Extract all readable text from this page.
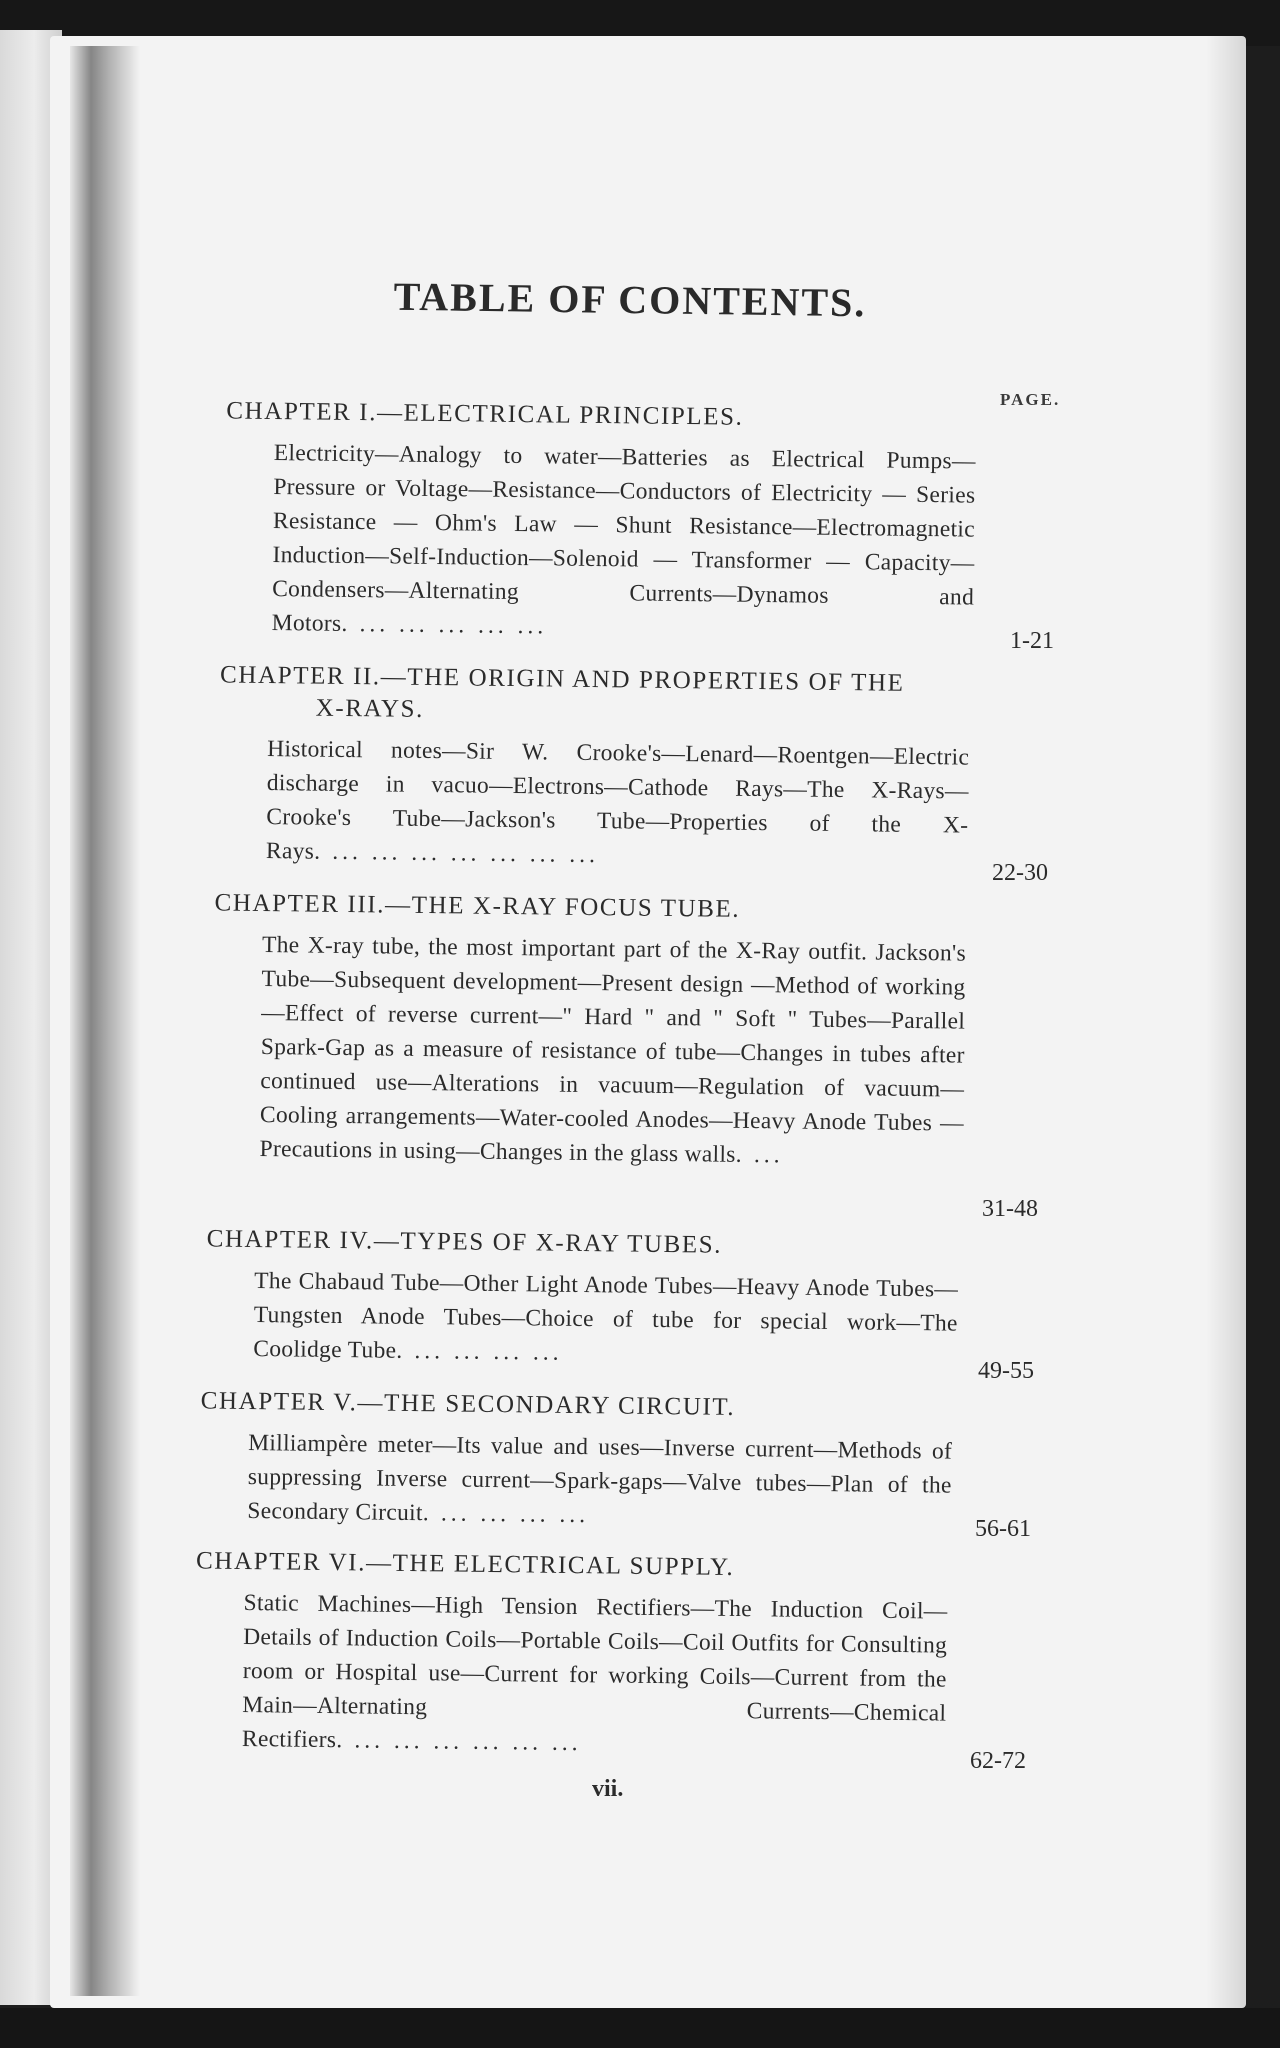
TABLE OF CONTENTS.
PAGE.

CHAPTER I.—ELECTRICAL PRINCIPLES.

Electricity—Analogy to water—Batteries as Electrical Pumps—Pressure or Voltage—Resistance—Conductors of Electricity — Series Resistance — Ohm's Law — Shunt Resistance—Electromagnetic Induction—Self-Induction—Solenoid — Transformer — Capacity—Condensers—Alternating Currents—Dynamos and Motors. ... ... ... ... ...
1-21

CHAPTER II.—THE ORIGIN AND PROPERTIES OF THE
X-RAYS.

Historical notes—Sir W. Crooke's—Lenard—Roentgen—Electric discharge in vacuo—Electrons—Cathode Rays—The X-Rays—Crooke's Tube—Jackson's Tube—Properties of the X-Rays. ... ... ... ... ... ... ...
22-30

CHAPTER III.—THE X-RAY FOCUS TUBE.

The X-ray tube, the most important part of the X-Ray outfit. Jackson's Tube—Subsequent development—Present design —Method of working—Effect of reverse current—" Hard " and " Soft " Tubes—Parallel Spark-Gap as a measure of resistance of tube—Changes in tubes after continued use—Alterations in vacuum—Regulation of vacuum—Cooling arrangements—Water-cooled Anodes—Heavy Anode Tubes —Precautions in using—Changes in the glass walls. ...
31-48

CHAPTER IV.—TYPES OF X-RAY TUBES.

The Chabaud Tube—Other Light Anode Tubes—Heavy Anode Tubes—Tungsten Anode Tubes—Choice of tube for special work—The Coolidge Tube. ... ... ... ...
49-55

CHAPTER V.—THE SECONDARY CIRCUIT.

Milliampère meter—Its value and uses—Inverse current—Methods of suppressing Inverse current—Spark-gaps—Valve tubes—Plan of the Secondary Circuit. ... ... ... ...
56-61

CHAPTER VI.—THE ELECTRICAL SUPPLY.

Static Machines—High Tension Rectifiers—The Induction Coil—Details of Induction Coils—Portable Coils—Coil Outfits for Consulting room or Hospital use—Current for working Coils—Current from the Main—Alternating Currents—Chemical Rectifiers. ... ... ... ... ... ...
62-72
vii.
